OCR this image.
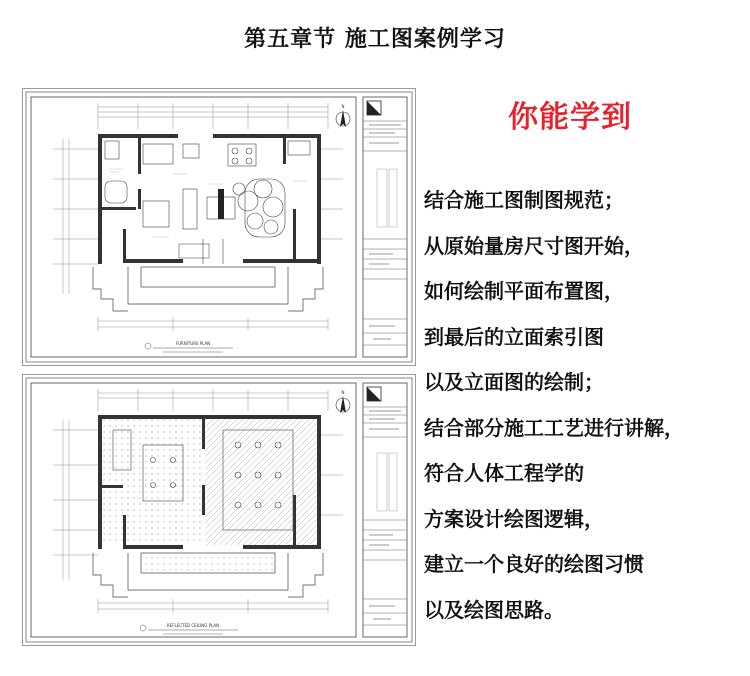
第五章节 施工图案例学习
N
FURNITURE PLAN
N
REFLECTED CEILING PLAN
你能学到
结合施工图制图规范；
从原始量房尺寸图开始，
如何绘制平面布置图，
到最后的立面索引图
以及立面图的绘制；
结合部分施工工艺进行讲解，
符合人体工程学的
方案设计绘图逻辑，
建立一个良好的绘图习惯
以及绘图思路。
